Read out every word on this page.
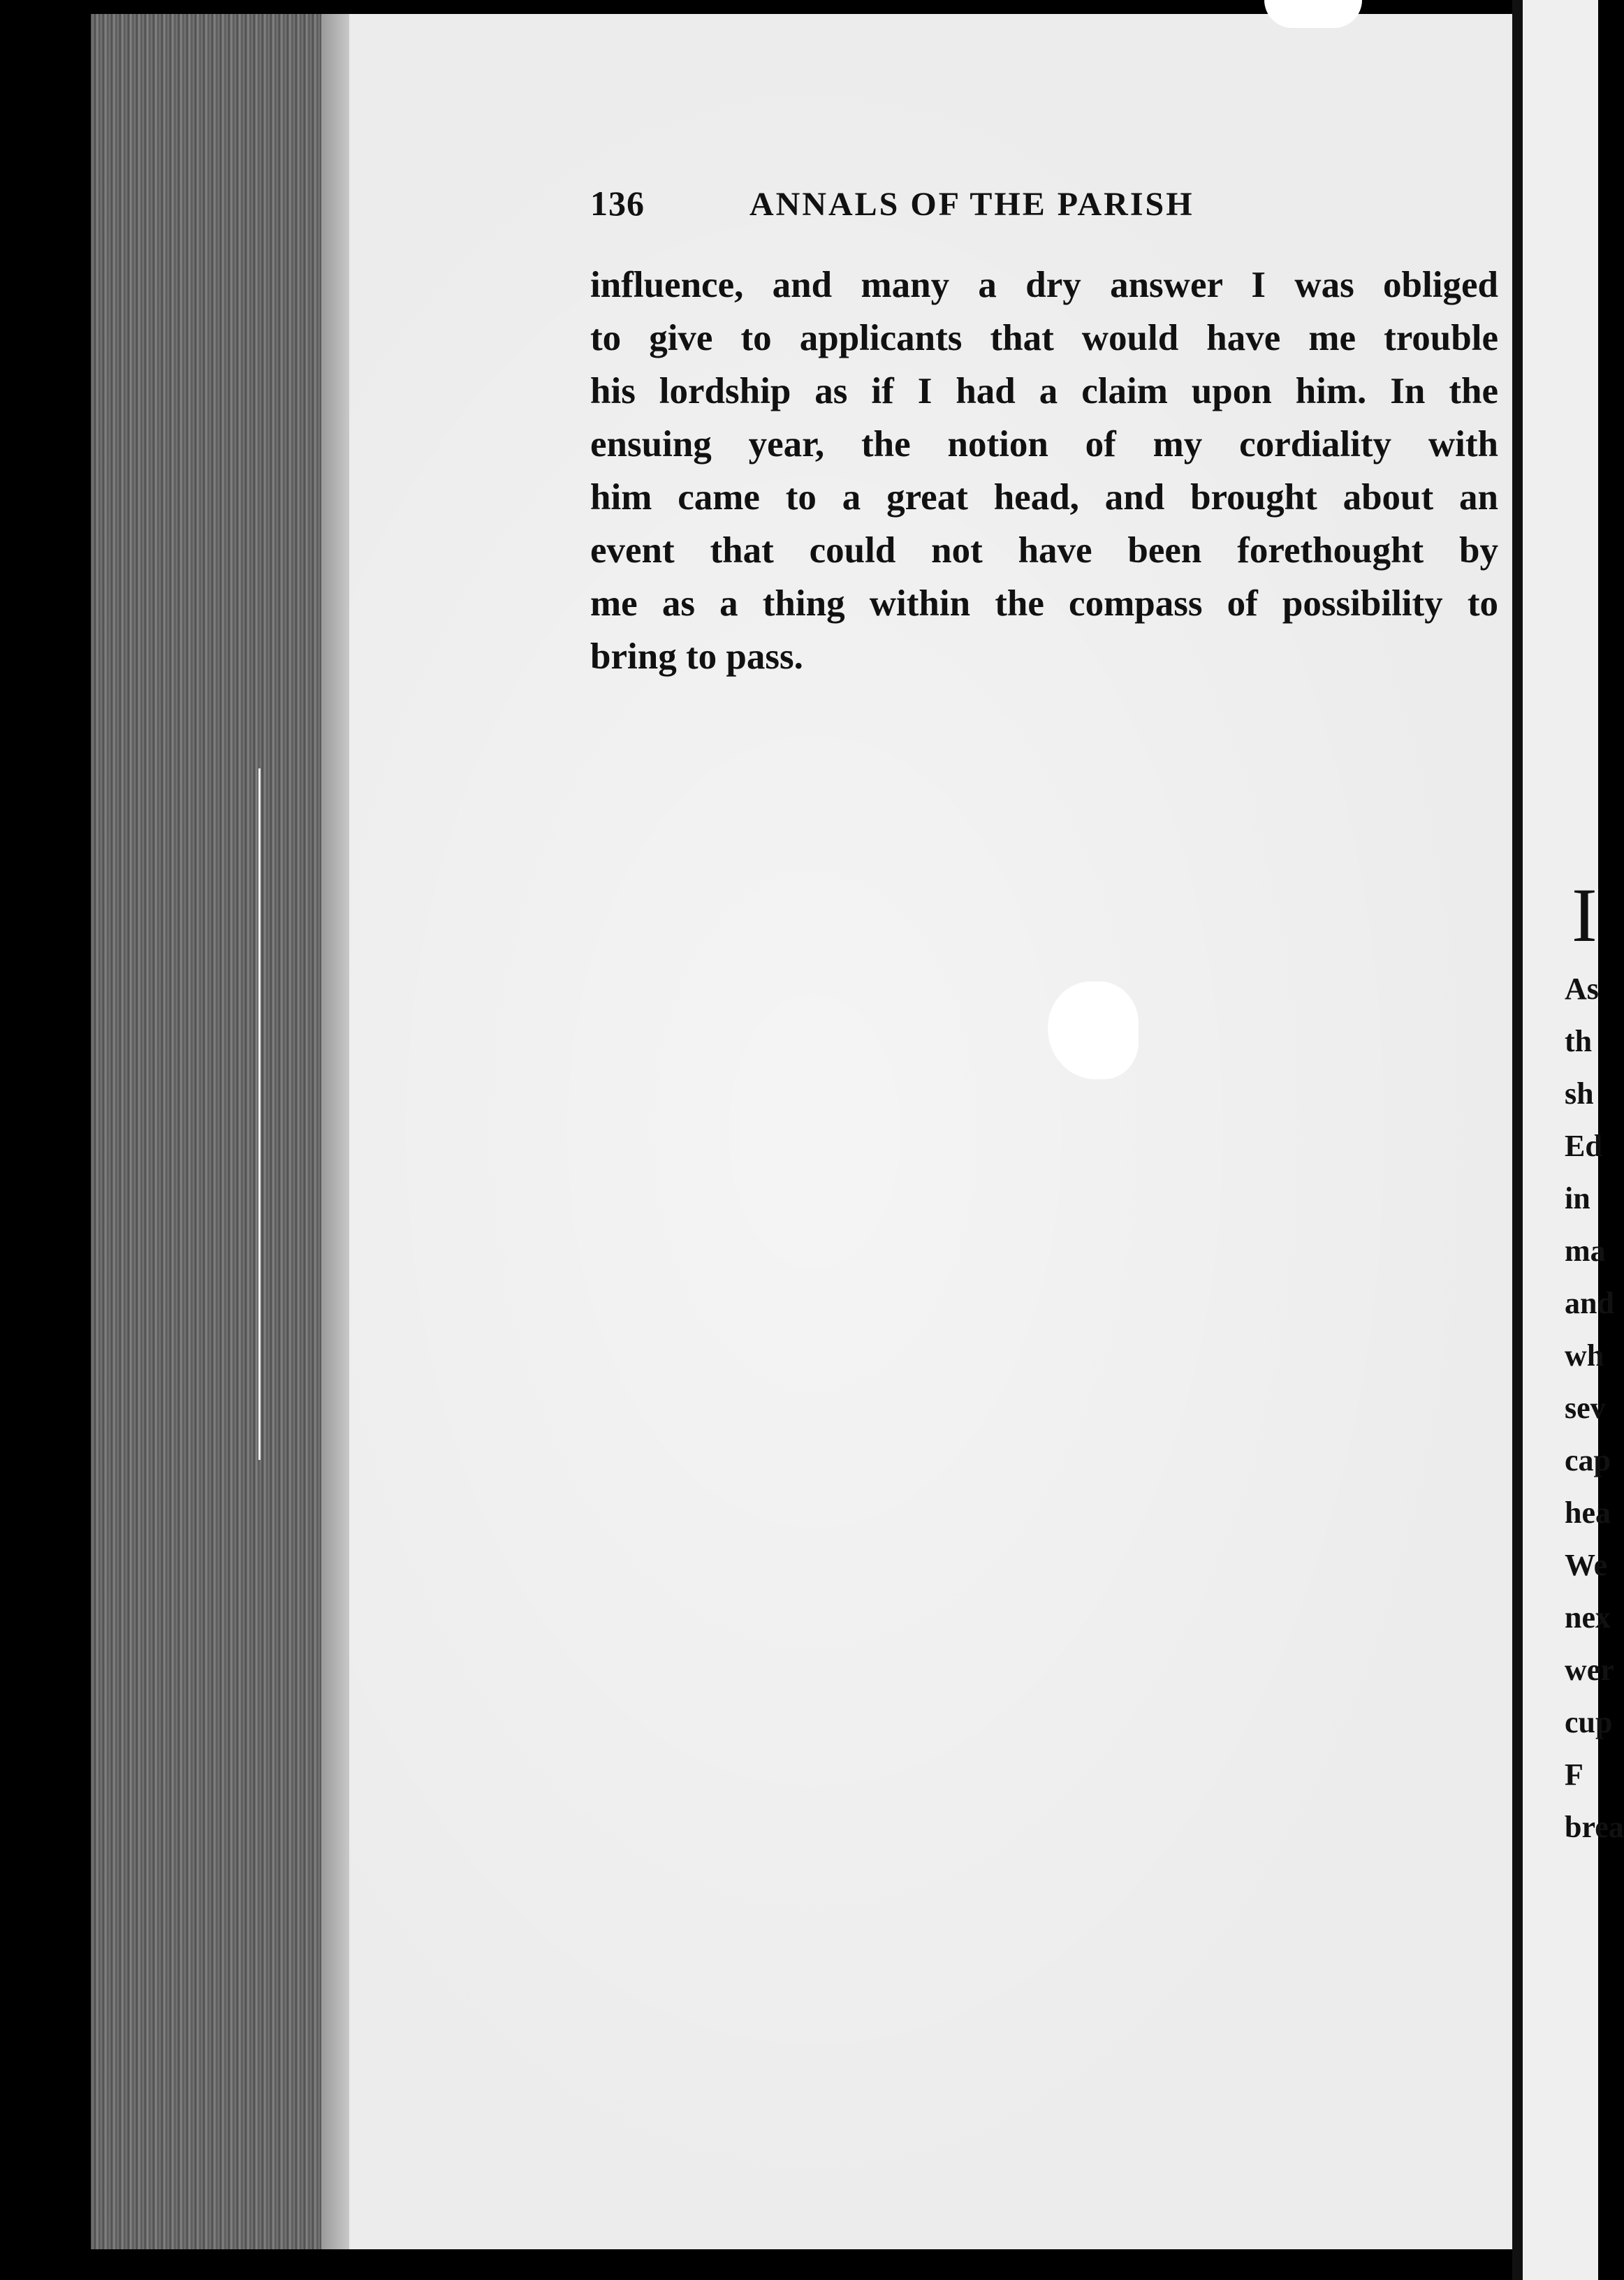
136	ANNALS OF THE PARISH
influence, and many a dry answer I was obliged
to give to applicants that would have me trouble
his lordship as if I had a claim upon him. In the
ensuing year, the notion of my cordiality with
him came to a great head, and brought about an
event that could not have been forethought by
me as a thing within the compass of possibility to
bring to pass.
I
As
th
sh
Ed
in
ma
and
wh
sev
cap
hea
We
nex
wer
cup
F
brea
